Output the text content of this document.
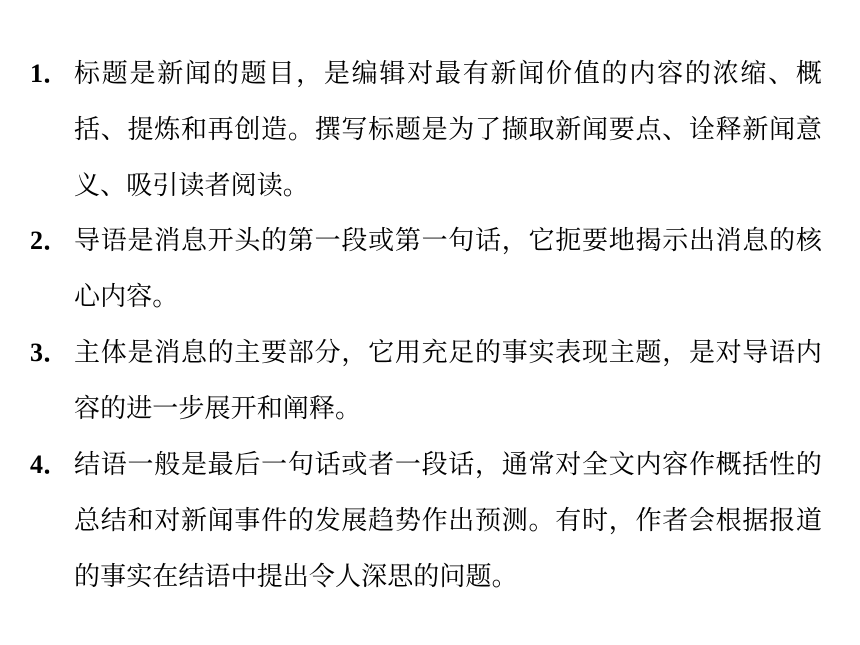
1． 标题是新闻的题目，是编辑对最有新闻价值的内容的浓缩、概括、提炼和再创造。撰写标题是为了撷取新闻要点、诠释新闻意义、吸引读者阅读。
2． 导语是消息开头的第一段或第一句话，它扼要地揭示出消息的核心内容。
3． 主体是消息的主要部分，它用充足的事实表现主题，是对导语内容的进一步展开和阐释。
4． 结语一般是最后一句话或者一段话，通常对全文内容作概括性的总结和对新闻事件的发展趋势作出预测。有时，作者会根据报道的事实在结语中提出令人深思的问题。
